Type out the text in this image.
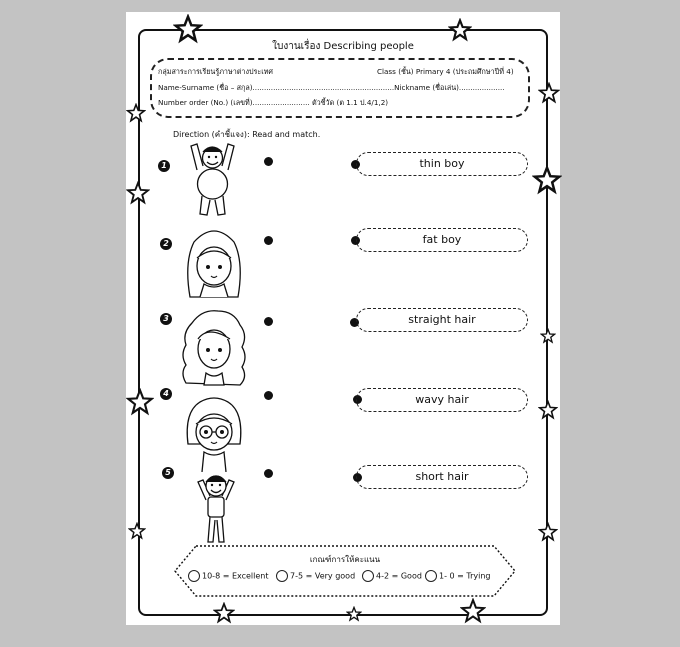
ใบงานเรื่อง Describing people
กลุ่มสาระการเรียนรู้ภาษาต่างประเทศ	Class (ชั้น) Primary 4 (ประถมศึกษาปีที่ 4)
Name-Surname (ชื่อ – สกุล)..............................................................Nickname (ชื่อเล่น)....................
Number order (No.) (เลขที่)......................... ตัวชี้วัด (ต 1.1 ป.4/1,2)
Direction (คำชี้แจง): Read and match.
1	thin boy
2	fat boy
3	straight hair
4	wavy hair
5	short hair
เกณฑ์การให้คะแนน
10-8 = Excellent	7-5 = Very good	4-2 = Good	1- 0 = Trying
